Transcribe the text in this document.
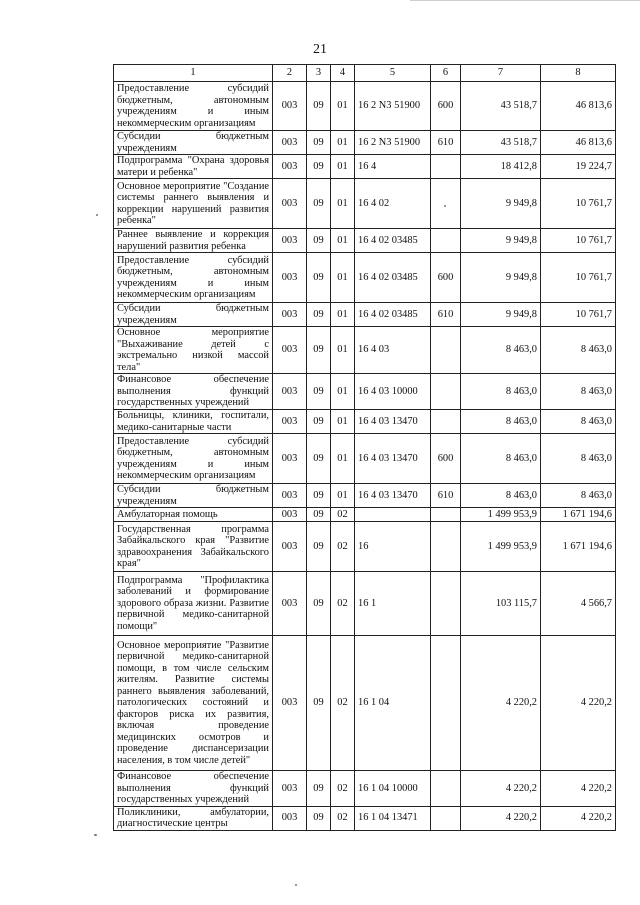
21
1	2	3	4	5	6	7	8
Предоставление субсидий бюджетным, автономным учреждениям и иным некоммерческим организациям	003	09	01	16 2 N3 51900	600	43 518,7	46 813,6
Субсидии бюджетным учреждениям	003	09	01	16 2 N3 51900	610	43 518,7	46 813,6
Подпрограмма "Охрана здоровья матери и ребенка"	003	09	01	16 4		18 412,8	19 224,7
Основное мероприятие "Создание системы раннего выявления и коррекции нарушений развития ребенка"	003	09	01	16 4 02		9 949,8	10 761,7
Раннее выявление и коррекция нарушений развития ребенка	003	09	01	16 4 02 03485		9 949,8	10 761,7
Предоставление субсидий бюджетным, автономным учреждениям и иным некоммерческим организациям	003	09	01	16 4 02 03485	600	9 949,8	10 761,7
Субсидии бюджетным учреждениям	003	09	01	16 4 02 03485	610	9 949,8	10 761,7
Основное мероприятие "Выхаживание детей с экстремально низкой массой тела"	003	09	01	16 4 03		8 463,0	8 463,0
Финансовое обеспечение выполнения функций государственных учреждений	003	09	01	16 4 03 10000		8 463,0	8 463,0
Больницы, клиники, госпитали, медико-санитарные части	003	09	01	16 4 03 13470		8 463,0	8 463,0
Предоставление субсидий бюджетным, автономным учреждениям и иным некоммерческим организациям	003	09	01	16 4 03 13470	600	8 463,0	8 463,0
Субсидии бюджетным учреждениям	003	09	01	16 4 03 13470	610	8 463,0	8 463,0
Амбулаторная помощь	003	09	02			1 499 953,9	1 671 194,6
Государственная программа Забайкальского края "Развитие здравоохранения Забайкальского края"	003	09	02	16		1 499 953,9	1 671 194,6
Подпрограмма "Профилактика заболеваний и формирование здорового образа жизни. Развитие первичной медико-санитарной помощи"	003	09	02	16 1		103 115,7	4 566,7
Основное мероприятие "Развитие первичной медико-санитарной помощи, в том числе сельским жителям. Развитие системы раннего выявления заболеваний, патологических состояний и факторов риска их развития, включая проведение медицинских осмотров и проведение диспансеризации населения, в том числе детей"	003	09	02	16 1 04		4 220,2	4 220,2
Финансовое обеспечение выполнения функций государственных учреждений	003	09	02	16 1 04 10000		4 220,2	4 220,2
Поликлиники, амбулатории, диагностические центры	003	09	02	16 1 04 13471		4 220,2	4 220,2
